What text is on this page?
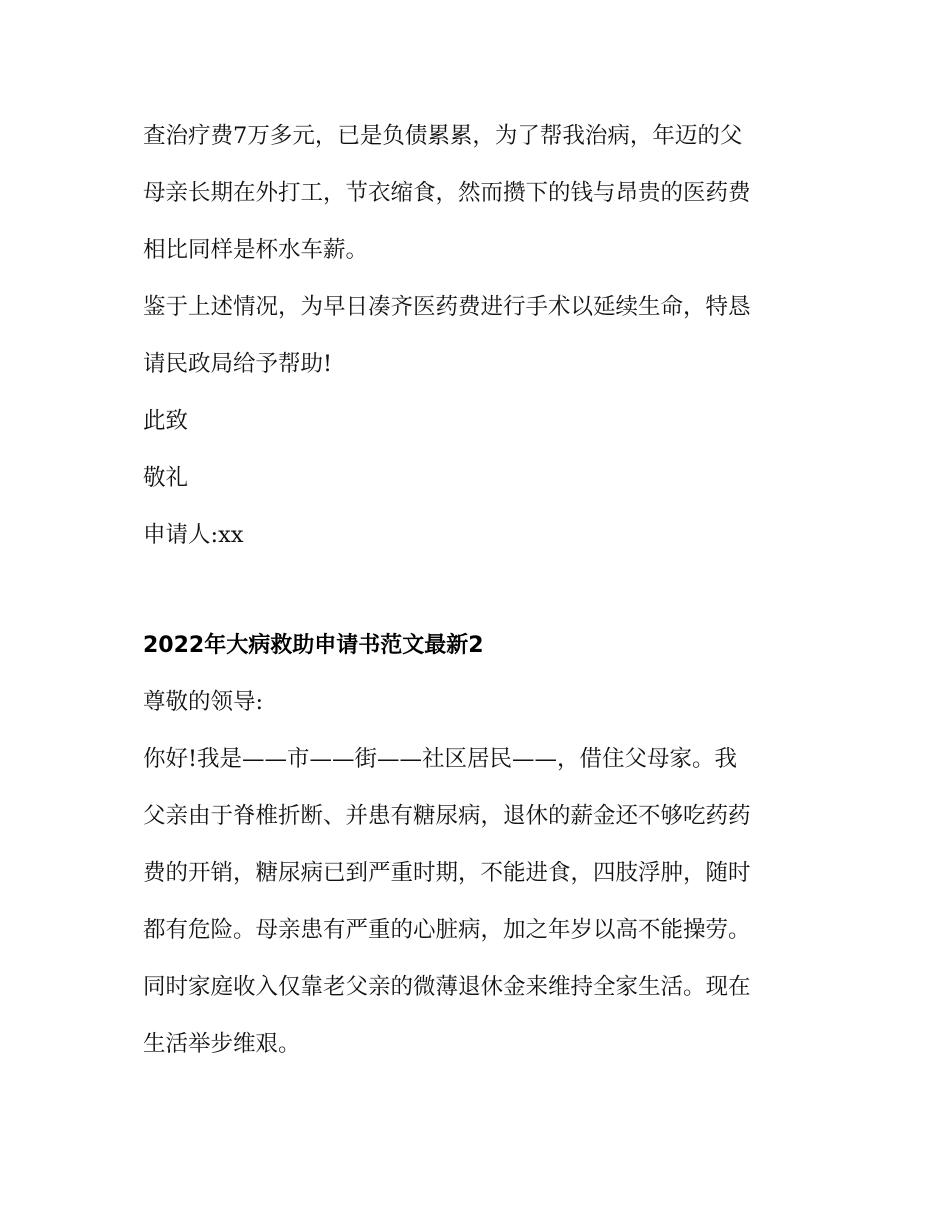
查治疗费7万多元，已是负债累累，为了帮我治病，年迈的父
母亲长期在外打工，节衣缩食，然而攒下的钱与昂贵的医药费
相比同样是杯水车薪。
鉴于上述情况，为早日凑齐医药费进行手术以延续生命，特恳
请民政局给予帮助!
此致
敬礼
申请人:xx
2022年大病救助申请书范文最新2
尊敬的领导:
你好!我是——市——街——社区居民——，借住父母家。我
父亲由于脊椎折断、并患有糖尿病，退休的薪金还不够吃药药
费的开销，糖尿病已到严重时期，不能进食，四肢浮肿，随时
都有危险。母亲患有严重的心脏病，加之年岁以高不能操劳。
同时家庭收入仅靠老父亲的微薄退休金来维持全家生活。现在
生活举步维艰。
